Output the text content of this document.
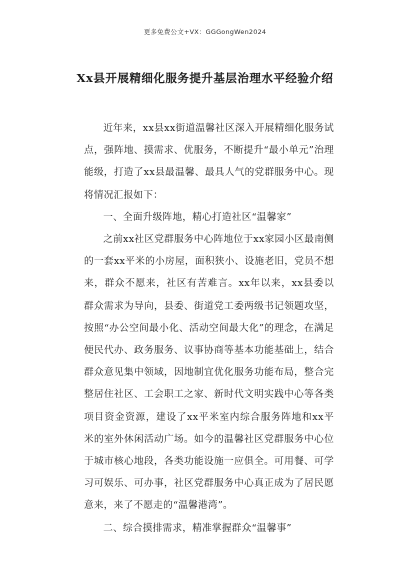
更多免费公文+VX：GGGongWen2024
Xx县开展精细化服务提升基层治理水平经验介绍

近年来，xx县xx街道温馨社区深入开展精细化服务试点，强阵地、摸需求、优服务，不断提升“最小单元”治理能级，打造了xx县最温馨、最具人气的党群服务中心。现将情况汇报如下：

一、全面升级阵地，精心打造社区“温馨家”

之前xx社区党群服务中心阵地位于xx家园小区最南侧的一套xx平米的小房屋，面积狭小、设施老旧，党员不想来，群众不愿来，社区有苦难言。xx年以来，xx县委以群众需求为导向，县委、街道党工委两级书记领题攻坚，按照“办公空间最小化、活动空间最大化”的理念，在满足便民代办、政务服务、议事协商等基本功能基础上，结合群众意见集中领域，因地制宜优化服务功能布局，整合完整居住社区、工会职工之家、新时代文明实践中心等各类项目资金资源，建设了xx平米室内综合服务阵地和xx平米的室外休闲活动广场。如今的温馨社区党群服务中心位于城市核心地段，各类功能设施一应俱全。可用餐、可学习可娱乐、可办事，社区党群服务中心真正成为了居民愿意来，来了不愿走的“温馨港湾”。

二、综合摸排需求，精准掌握群众“温馨事”
